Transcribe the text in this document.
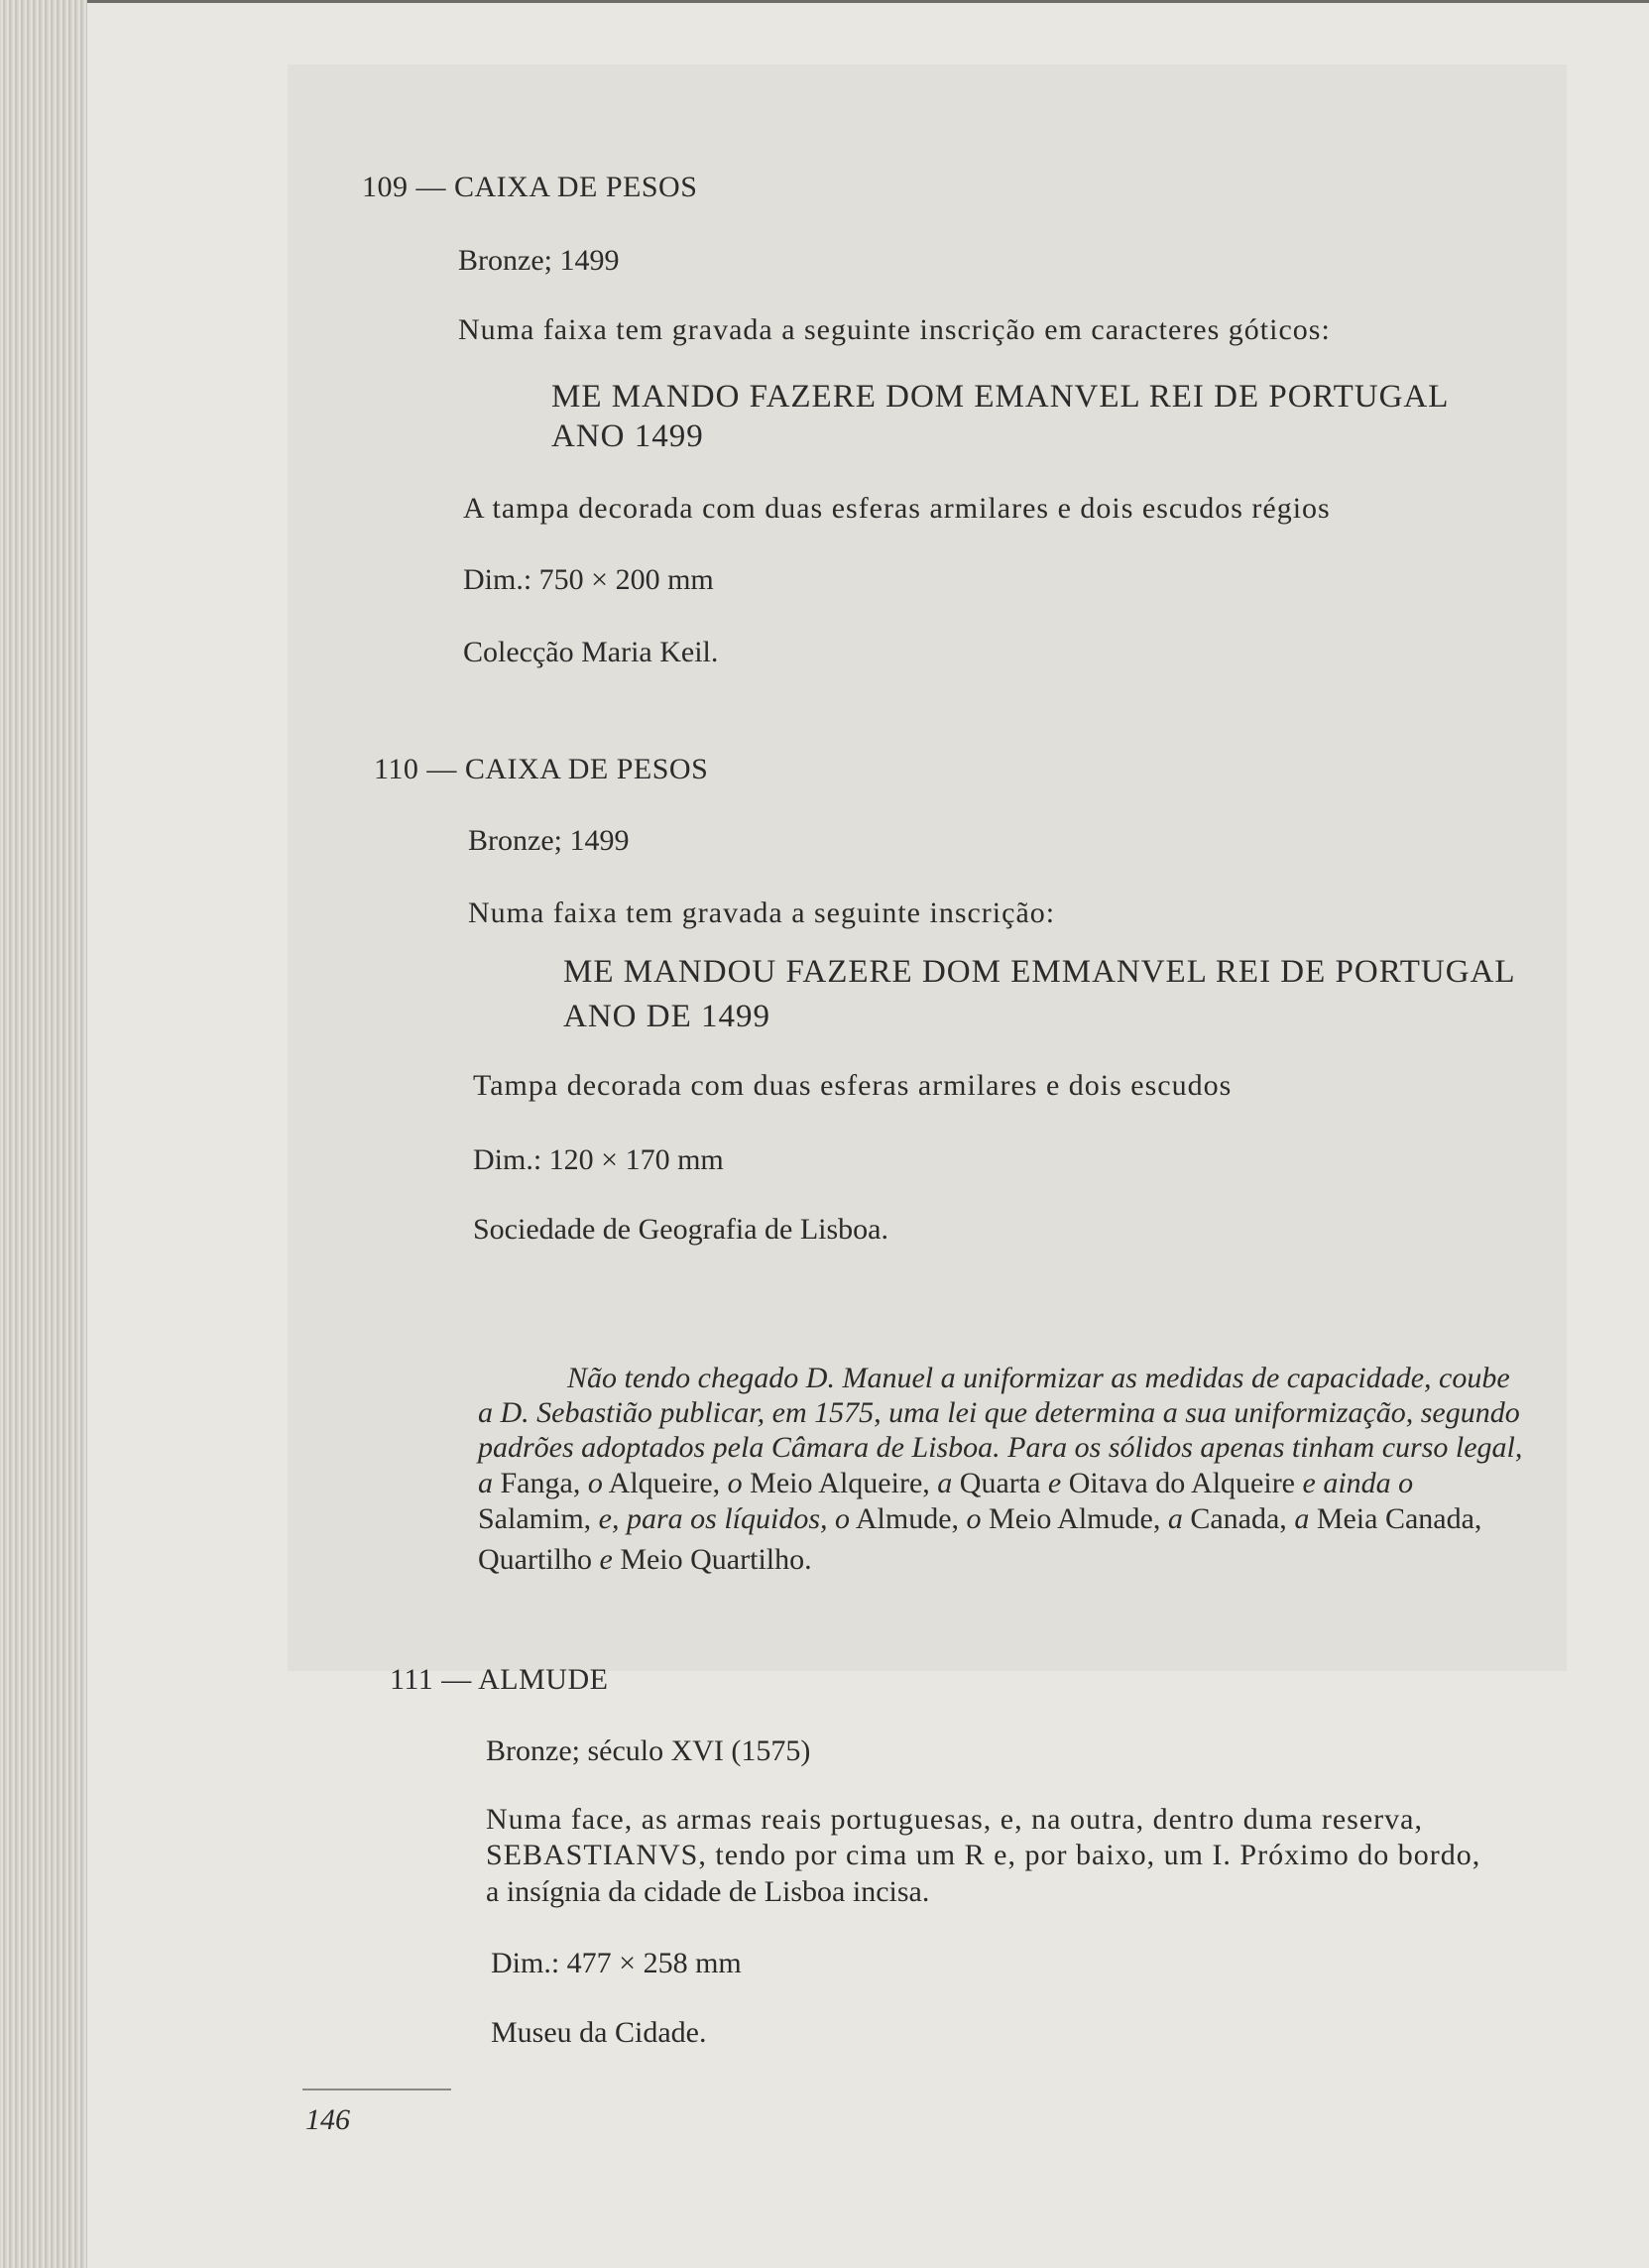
109 — CAIXA DE PESOS
Bronze; 1499
Numa faixa tem gravada a seguinte inscrição em caracteres góticos:
ME MANDO FAZERE DOM EMANVEL REI DE PORTUGAL
ANO 1499
A tampa decorada com duas esferas armilares e dois escudos régios
Dim.: 750 × 200 mm
Colecção Maria Keil.
110 — CAIXA DE PESOS
Bronze; 1499
Numa faixa tem gravada a seguinte inscrição:
ME MANDOU FAZERE DOM EMMANVEL REI DE PORTUGAL
ANO DE 1499
Tampa decorada com duas esferas armilares e dois escudos
Dim.: 120 × 170 mm
Sociedade de Geografia de Lisboa.
Não tendo chegado D. Manuel a uniformizar as medidas de capacidade, coube
a D. Sebastião publicar, em 1575, uma lei que determina a sua uniformização, segundo
padrões adoptados pela Câmara de Lisboa. Para os sólidos apenas tinham curso legal,
a Fanga, o Alqueire, o Meio Alqueire, a Quarta e Oitava do Alqueire e ainda o
Salamim, e, para os líquidos, o Almude, o Meio Almude, a Canada, a Meia Canada,
Quartilho e Meio Quartilho.
111 — ALMUDE
Bronze; século XVI (1575)
Numa face, as armas reais portuguesas, e, na outra, dentro duma reserva,
SEBASTIANVS, tendo por cima um R e, por baixo, um I. Próximo do bordo,
a insígnia da cidade de Lisboa incisa.
Dim.: 477 × 258 mm
Museu da Cidade.
146
